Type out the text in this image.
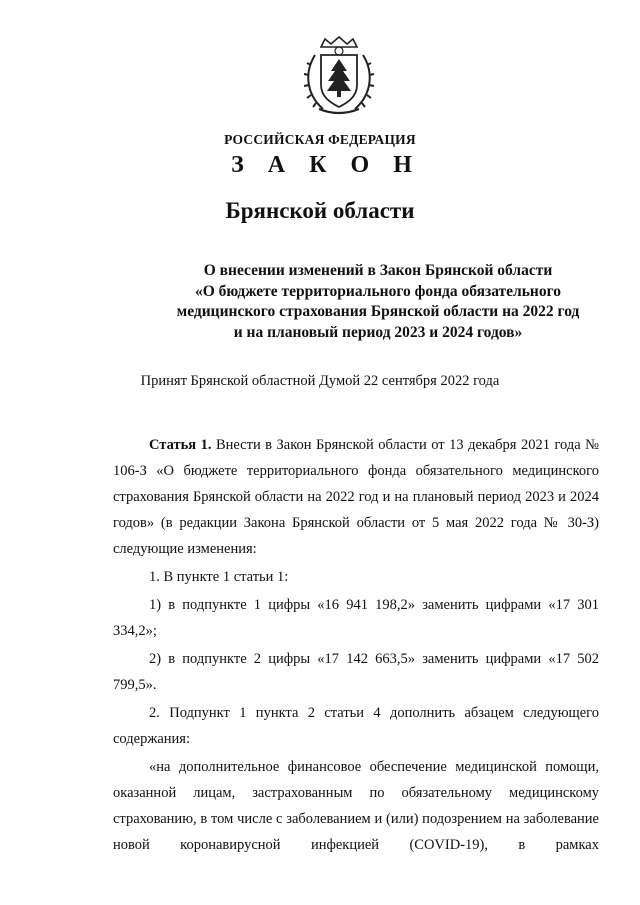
РОССИЙСКАЯ ФЕДЕРАЦИЯ
З А К О Н
Брянской области
О внесении изменений в Закон Брянской области
«О бюджете территориального фонда обязательного
медицинского страхования Брянской области на 2022 год
и на плановый период 2023 и 2024 годов»
Принят Брянской областной Думой 22 сентября 2022 года

Статья 1. Внести в Закон Брянской области от 13 декабря 2021 года № 106-З «О бюджете территориального фонда обязательного медицинского страхования Брянской области на 2022 год и на плановый период 2023 и 2024 годов» (в редакции Закона Брянской области от 5 мая 2022 года № 30-З) следующие изменения:

1. В пункте 1 статьи 1:

1) в подпункте 1 цифры «16 941 198,2» заменить цифрами «17 301 334,2»;

2) в подпункте 2 цифры «17 142 663,5» заменить цифрами «17 502 799,5».

2. Подпункт 1 пункта 2 статьи 4 дополнить абзацем следующего содержания:

«на дополнительное финансовое обеспечение медицинской помощи, оказанной лицам, застрахованным по обязательному медицинскому страхованию, в том числе с заболеванием и (или) подозрением на заболевание новой коронавирусной инфекцией (COVID-19), в рамках
